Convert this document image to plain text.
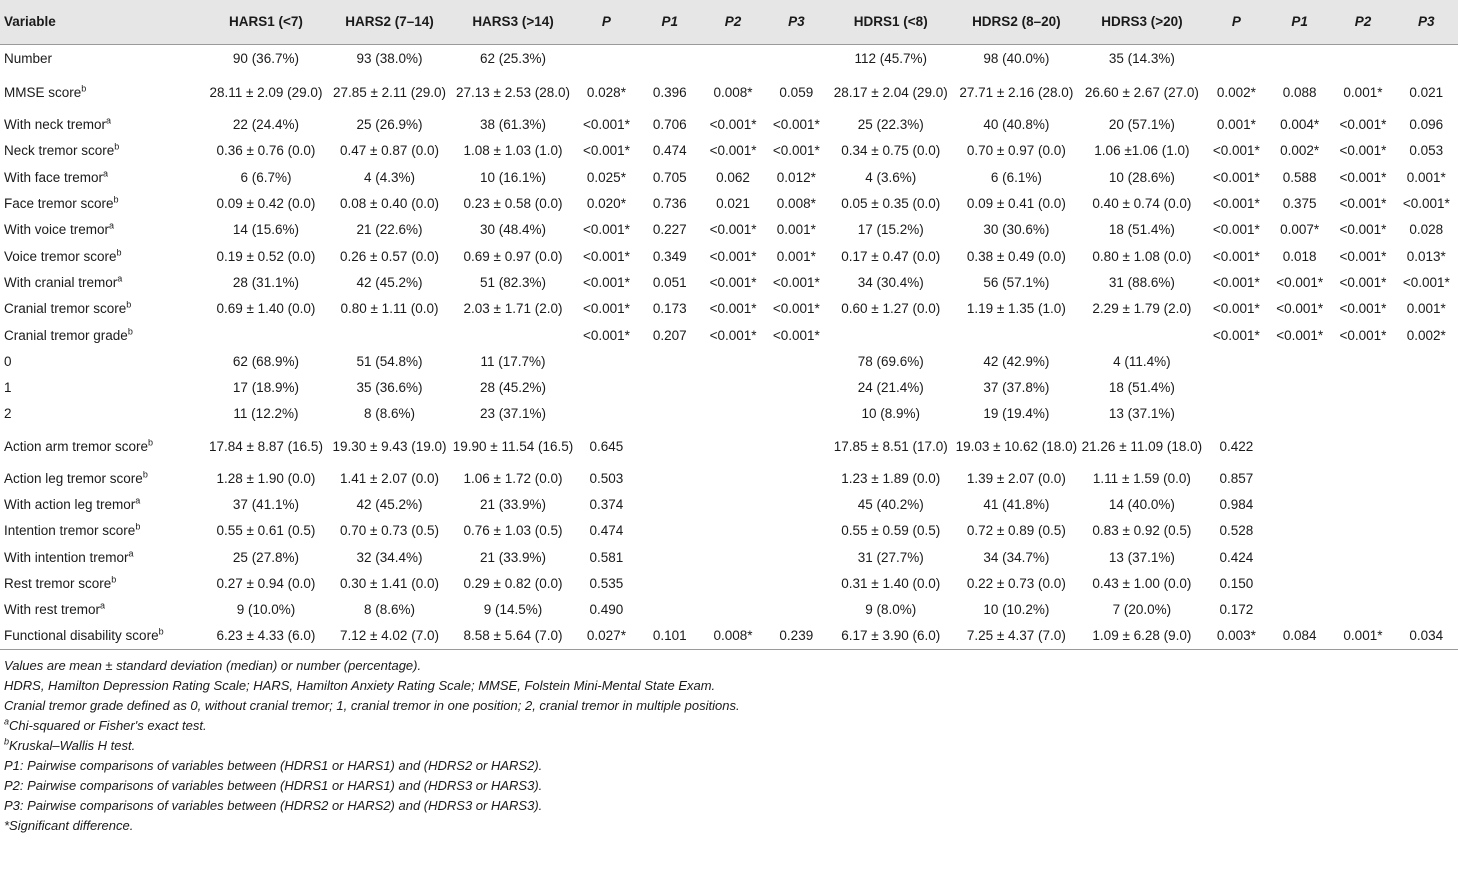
Variable	HARS1 (<7)	HARS2 (7–14)	HARS3 (>14)	P	P1	P2	P3	HDRS1 (<8)	HDRS2 (8–20)	HDRS3 (>20)	P	P1	P2	P3
Number	90 (36.7%)	93 (38.0%)	62 (25.3%)					112 (45.7%)	98 (40.0%)	35 (14.3%)				
MMSE score$^b$	28.11 ± 2.09 (29.0)	27.85 ± 2.11 (29.0)	27.13 ± 2.53 (28.0)	0.028*	0.396	0.008*	0.059	28.17 ± 2.04 (29.0)	27.71 ± 2.16 (28.0)	26.60 ± 2.67 (27.0)	0.002*	0.088	0.001*	0.021
With neck tremor$^a$	22 (24.4%)	25 (26.9%)	38 (61.3%)	<0.001*	0.706	<0.001*	<0.001*	25 (22.3%)	40 (40.8%)	20 (57.1%)	0.001*	0.004*	<0.001*	0.096
Neck tremor score$^b$	0.36 ± 0.76 (0.0)	0.47 ± 0.87 (0.0)	1.08 ± 1.03 (1.0)	<0.001*	0.474	<0.001*	<0.001*	0.34 ± 0.75 (0.0)	0.70 ± 0.97 (0.0)	1.06 ±1.06 (1.0)	<0.001*	0.002*	<0.001*	0.053
With face tremor$^a$	6 (6.7%)	4 (4.3%)	10 (16.1%)	0.025*	0.705	0.062	0.012*	4 (3.6%)	6 (6.1%)	10 (28.6%)	<0.001*	0.588	<0.001*	0.001*
Face tremor score$^b$	0.09 ± 0.42 (0.0)	0.08 ± 0.40 (0.0)	0.23 ± 0.58 (0.0)	0.020*	0.736	0.021	0.008*	0.05 ± 0.35 (0.0)	0.09 ± 0.41 (0.0)	0.40 ± 0.74 (0.0)	<0.001*	0.375	<0.001*	<0.001*
With voice tremor$^a$	14 (15.6%)	21 (22.6%)	30 (48.4%)	<0.001*	0.227	<0.001*	0.001*	17 (15.2%)	30 (30.6%)	18 (51.4%)	<0.001*	0.007*	<0.001*	0.028
Voice tremor score$^b$	0.19 ± 0.52 (0.0)	0.26 ± 0.57 (0.0)	0.69 ± 0.97 (0.0)	<0.001*	0.349	<0.001*	0.001*	0.17 ± 0.47 (0.0)	0.38 ± 0.49 (0.0)	0.80 ± 1.08 (0.0)	<0.001*	0.018	<0.001*	0.013*
With cranial tremor$^a$	28 (31.1%)	42 (45.2%)	51 (82.3%)	<0.001*	0.051	<0.001*	<0.001*	34 (30.4%)	56 (57.1%)	31 (88.6%)	<0.001*	<0.001*	<0.001*	<0.001*
Cranial tremor score$^b$	0.69 ± 1.40 (0.0)	0.80 ± 1.11 (0.0)	2.03 ± 1.71 (2.0)	<0.001*	0.173	<0.001*	<0.001*	0.60 ± 1.27 (0.0)	1.19 ± 1.35 (1.0)	2.29 ± 1.79 (2.0)	<0.001*	<0.001*	<0.001*	0.001*
Cranial tremor grade$^b$				<0.001*	0.207	<0.001*	<0.001*				<0.001*	<0.001*	<0.001*	0.002*
0	62 (68.9%)	51 (54.8%)	11 (17.7%)					78 (69.6%)	42 (42.9%)	4 (11.4%)				
1	17 (18.9%)	35 (36.6%)	28 (45.2%)					24 (21.4%)	37 (37.8%)	18 (51.4%)				
2	11 (12.2%)	8 (8.6%)	23 (37.1%)					10 (8.9%)	19 (19.4%)	13 (37.1%)				
Action arm tremor score$^b$	17.84 ± 8.87 (16.5)	19.30 ± 9.43 (19.0)	19.90 ± 11.54 (16.5)	0.645				17.85 ± 8.51 (17.0)	19.03 ± 10.62 (18.0)	21.26 ± 11.09 (18.0)	0.422			
Action leg tremor score$^b$	1.28 ± 1.90 (0.0)	1.41 ± 2.07 (0.0)	1.06 ± 1.72 (0.0)	0.503				1.23 ± 1.89 (0.0)	1.39 ± 2.07 (0.0)	1.11 ± 1.59 (0.0)	0.857			
With action leg tremor$^a$	37 (41.1%)	42 (45.2%)	21 (33.9%)	0.374				45 (40.2%)	41 (41.8%)	14 (40.0%)	0.984			
Intention tremor score$^b$	0.55 ± 0.61 (0.5)	0.70 ± 0.73 (0.5)	0.76 ± 1.03 (0.5)	0.474				0.55 ± 0.59 (0.5)	0.72 ± 0.89 (0.5)	0.83 ± 0.92 (0.5)	0.528			
With intention tremor$^a$	25 (27.8%)	32 (34.4%)	21 (33.9%)	0.581				31 (27.7%)	34 (34.7%)	13 (37.1%)	0.424			
Rest tremor score$^b$	0.27 ± 0.94 (0.0)	0.30 ± 1.41 (0.0)	0.29 ± 0.82 (0.0)	0.535				0.31 ± 1.40 (0.0)	0.22 ± 0.73 (0.0)	0.43 ± 1.00 (0.0)	0.150			
With rest tremor$^a$	9 (10.0%)	8 (8.6%)	9 (14.5%)	0.490				9 (8.0%)	10 (10.2%)	7 (20.0%)	0.172			
Functional disability score$^b$	6.23 ± 4.33 (6.0)	7.12 ± 4.02 (7.0)	8.58 ± 5.64 (7.0)	0.027*	0.101	0.008*	0.239	6.17 ± 3.90 (6.0)	7.25 ± 4.37 (7.0)	1.09 ± 6.28 (9.0)	0.003*	0.084	0.001*	0.034
Values are mean ± standard deviation (median) or number (percentage).
HDRS, Hamilton Depression Rating Scale; HARS, Hamilton Anxiety Rating Scale; MMSE, Folstein Mini-Mental State Exam.
Cranial tremor grade defined as 0, without cranial tremor; 1, cranial tremor in one position; 2, cranial tremor in multiple positions.
$^a$Chi-squared or Fisher's exact test.
$^b$Kruskal–Wallis H test.
P1: Pairwise comparisons of variables between (HDRS1 or HARS1) and (HDRS2 or HARS2).
P2: Pairwise comparisons of variables between (HDRS1 or HARS1) and (HDRS3 or HARS3).
P3: Pairwise comparisons of variables between (HDRS2 or HARS2) and (HDRS3 or HARS3).
*Significant difference.
